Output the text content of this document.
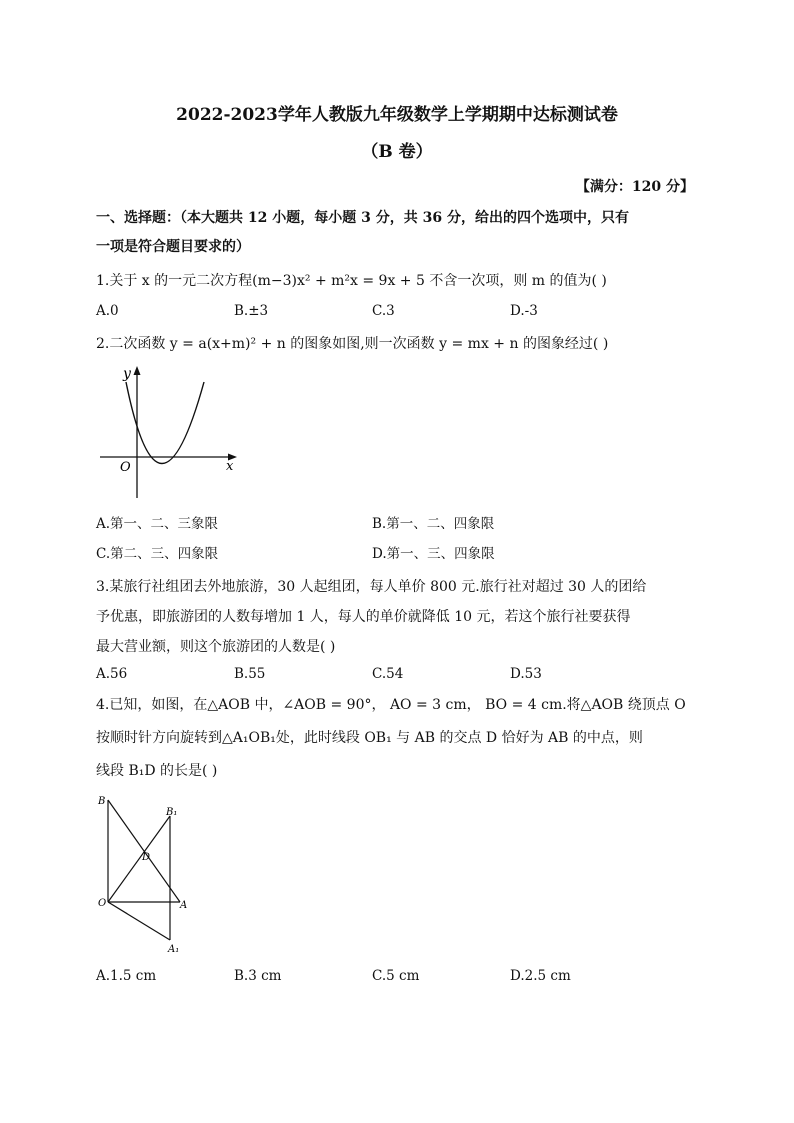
2022-2023学年人教版九年级数学上学期期中达标测试卷
（B 卷）
【满分：120 分】
一、选择题：（本大题共 12 小题，每小题 3 分，共 36 分，给出的四个选项中，只有
一项是符合题目要求的）
1.关于 x 的一元二次方程(m−3)x² + m²x = 9x + 5 不含一次项，则 m 的值为( )
A.0	B.±3	C.3	D.-3
2.二次函数 y = a(x+m)² + n 的图象如图,则一次函数 y = mx + n 的图象经过( )
y
x
O
A.第一、二、三象限	B.第一、二、四象限
C.第二、三、四象限	D.第一、三、四象限
3.某旅行社组团去外地旅游，30 人起组团，每人单价 800 元.旅行社对超过 30 人的团给
予优惠，即旅游团的人数每增加 1 人，每人的单价就降低 10 元，若这个旅行社要获得
最大营业额，则这个旅游团的人数是( )
A.56	B.55	C.54	D.53
4.已知，如图，在△AOB 中，∠AOB = 90°， AO = 3 cm， BO = 4 cm.将△AOB 绕顶点 O
按顺时针方向旋转到△A₁OB₁处，此时线段 OB₁ 与 AB 的交点 D 恰好为 AB 的中点，则
线段 B₁D 的长是( )
B
B₁
D
O	A
A₁
A.1.5 cm	B.3 cm	C.5 cm	D.2.5 cm
